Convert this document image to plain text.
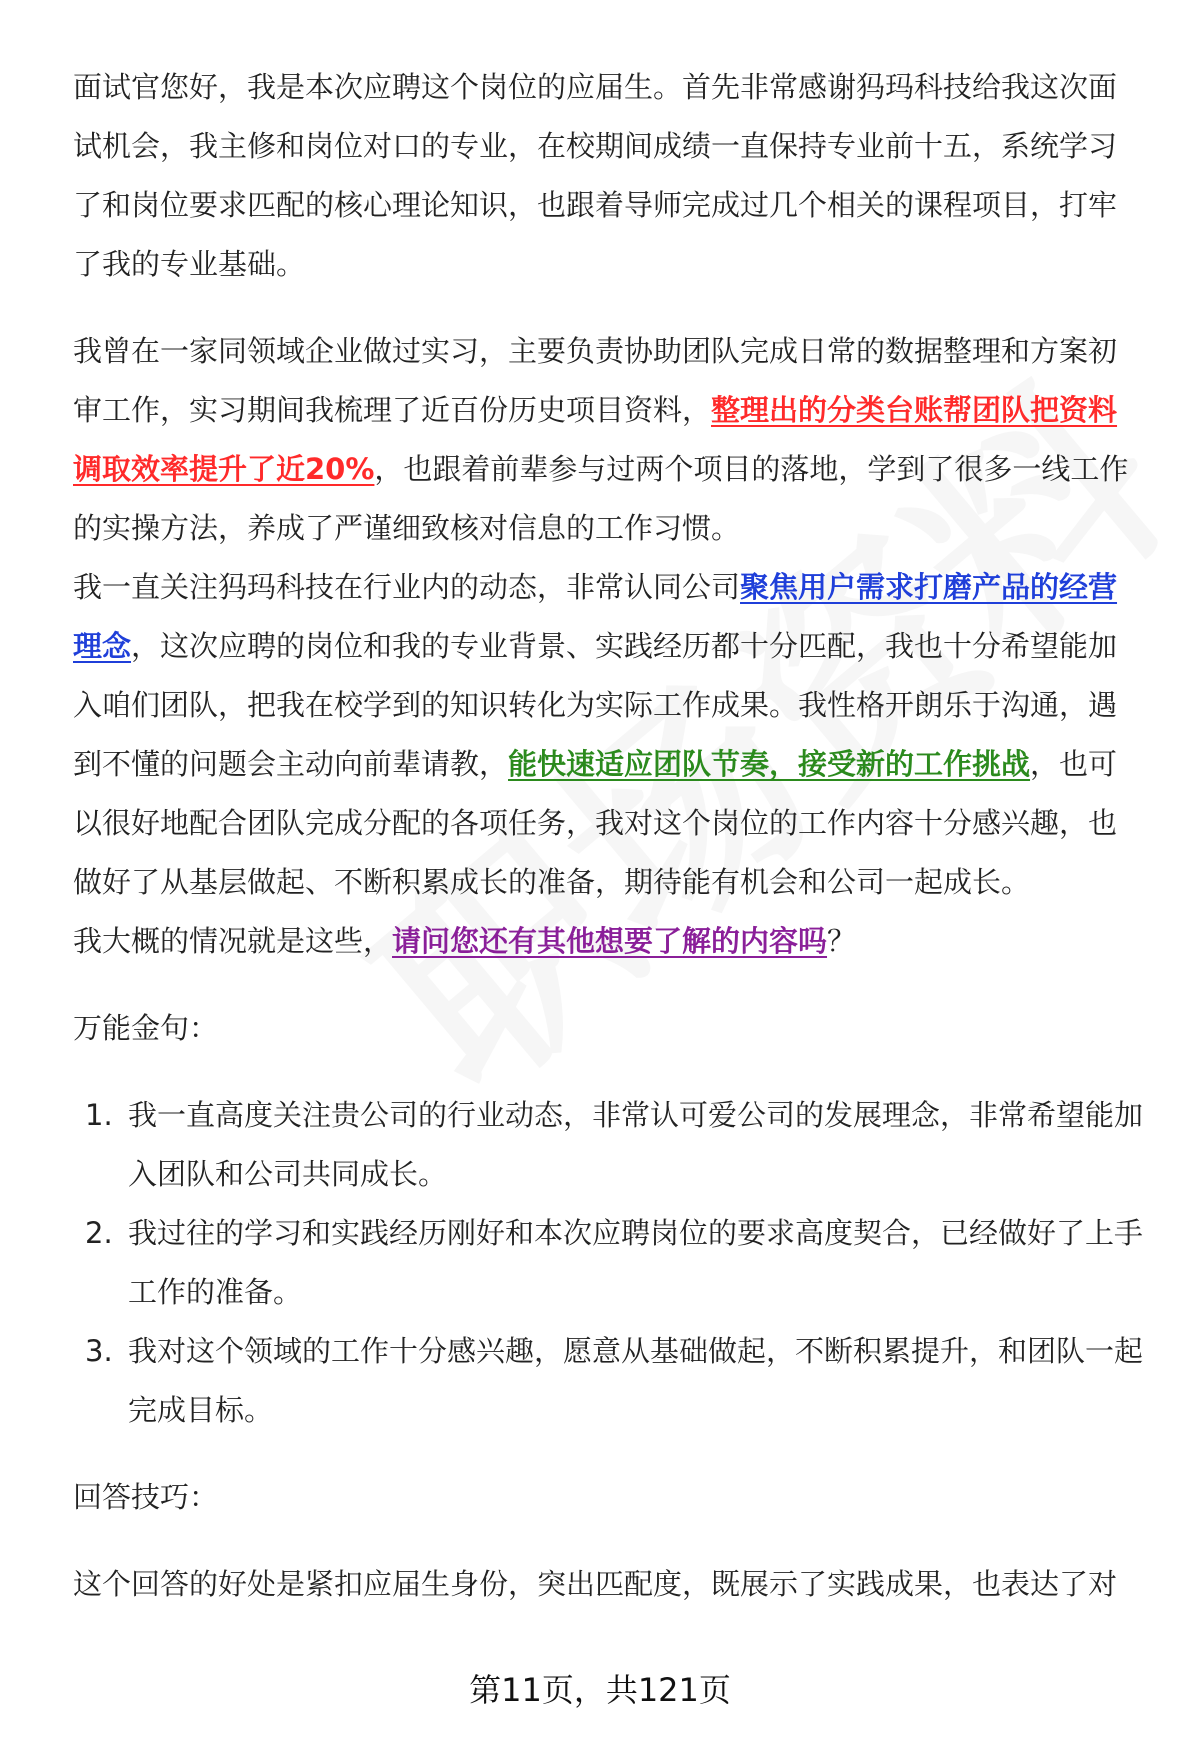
面试官您好，我是本次应聘这个岗位的应届生。首先非常感谢犸玛科技给我这次面试机会，我主修和岗位对口的专业，在校期间成绩一直保持专业前十五，系统学习了和岗位要求匹配的核心理论知识，也跟着导师完成过几个相关的课程项目，打牢了我的专业基础。

我曾在一家同领域企业做过实习，主要负责协助团队完成日常的数据整理和方案初审工作，实习期间我梳理了近百份历史项目资料，整理出的分类台账帮团队把资料调取效率提升了近20%，也跟着前辈参与过两个项目的落地，学到了很多一线工作的实操方法，养成了严谨细致核对信息的工作习惯。

我一直关注犸玛科技在行业内的动态，非常认同公司聚焦用户需求打磨产品的经营理念，这次应聘的岗位和我的专业背景、实践经历都十分匹配，我也十分希望能加入咱们团队，把我在校学到的知识转化为实际工作成果。我性格开朗乐于沟通，遇到不懂的问题会主动向前辈请教，能快速适应团队节奏，接受新的工作挑战，也可以很好地配合团队完成分配的各项任务，我对这个岗位的工作内容十分感兴趣，也做好了从基层做起、不断积累成长的准备，期待能有机会和公司一起成长。

我大概的情况就是这些，请问您还有其他想要了解的内容吗？

万能金句：

1. 我一直高度关注贵公司的行业动态，非常认可爱公司的发展理念，非常希望能加入团队和公司共同成长。
2. 我过往的学习和实践经历刚好和本次应聘岗位的要求高度契合，已经做好了上手工作的准备。
3. 我对这个领域的工作十分感兴趣，愿意从基础做起，不断积累提升，和团队一起完成目标。

回答技巧：

这个回答的好处是紧扣应届生身份，突出匹配度，既展示了实践成果，也表达了对

第11页，共121页
